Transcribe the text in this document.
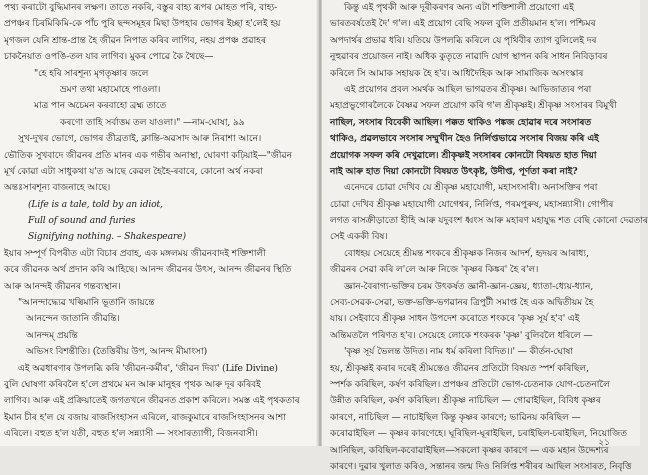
পথ্য কৰাটো বুদ্ধিমানৰ লক্ষণ। তাতে নকৰি, বস্তুৰ বাহ্য ৰূপৰ মোহত পৰি, বাহ্য-
প্ৰপঞ্চৰ চিৰমিকিমি-কে পাঁচ পুৰি ছন্দসমূহৰ মিছা উপহাৰ ভোগৰ ইচ্ছা হ'লেই হয়
মৃগজল যেনি শ্ৰান্ত-প্ৰান্ত হৈ জীৱন নিপাত কৰিব লাগিব, নহয় প্ৰপঞ্চ প্ৰৱাহৰ
চাকনৈয়াত ওপঙি-তল যাব লাগিব। মুকৰ পোৱে কৈ থৈছে—
"হে হৰি সাৰশূন্য মৃগতৃষ্ণাৰ জলে
ভ্ৰমণ তথা মহামোহে পাওলা।
মাত্ৰ পান অচেমন কৰবাহো ব্ৰহ্ম তাতে
কৰণো তাহি সৰ্বাত্তম তল যাওলা।" —নাম-ঘোষা, ৯৯
সুখ-দুখৰ ভোগে, ভোগৰ তীব্ৰতাই, ক্লান্তি-অৱসাদ আৰু নিৰাশা আনে।
ভৌতিক সুখবাদে জীৱনৰ প্ৰতি মানৰ এক গভীৰ অনাস্থা, ঘোৰণা কঢ়িয়াই—"জীৱন
মূৰ্খ কোৱা এটা সাধুকথা য'ত আছে কেৱল হৈহৈ-ৰবাৰে, কোনো অৰ্থ নকৰা
অন্তঃসাৰশূন্য বাজনাহে আছে।
(Life is a tale, told by an idiot,
Full of sound and furies
Signifying nothing. – Shakespeare)
ইয়াৰ সম্পূৰ্ণ বিপৰীত এটা বিচাৰ প্ৰবাহ, এক মঙ্গলময় জীৱনবাদই শক্তিশালী
কৰে জীৱনক অৰ্থ প্ৰদান কৰি আহিছে। আনন্দ জীৱনৰ উৎস, আনন্দ জীৱনৰ স্থিতি
আৰু আনন্দই জীৱনৰ গন্তব্যস্থান।
"আনন্দাদ্ধ্যেৱ খল্বিমানি ভূতানি জায়ন্তে
আনন্দেন জাতানি জীৱন্তি।
আনন্দম্ প্ৰয়ন্তি
অভিসং বিশন্তীতি। (তৈত্তিৰীয় উপ, আনন্দ মীমাংসা)
এই অৱধাৰণাৰ উপলব্ধি কৰি 'জীৱন-কৰ্মীৰ', 'জীৱন দিব্য' (Life Divine)
বুলি ঘোষণা কৰিবলৈ হ'লে প্ৰথমে মন আৰু মানুহৰ পৃথক আৰু দূৰ কৰিবই
লাগিব। আৰু এই প্ৰক্ৰিয়াতেই জগতখনে জীৱনত প্ৰকাশ কৰিলে। সমস্ত এই পৃথকতাৰ
ইমান চীৰ হ'ল যে বজায় ৰাজসিংহাসন এৰিলে, ৰাজকুমাৰে ৰাজসিংহাসনৰ আশা
এৰিলে। বহুত হ'ল যতী, বহুত হ'ল সন্ন্যাসী — সংসাৰত্যাগী, বিজনবাসী।
কিন্তু এই পৃথকী আৰু দূৰীকৰণৰ অন্য এটা শক্তিশালী প্ৰয়োগো এই
ভাৰতবৰ্ষতেই দৈ' গ'ল। এই প্ৰয়োগ বেছি সফল বুলি প্ৰতীয়মান হ'ল। পশ্চিমৰ
অপদাৰ্থৰ প্ৰভাৱ ধৰি। যতিয়ে উপলব্ধি কৰিলে যে পৃথিবীৰ ত্যাগ বুলিলেই দৰ
নুহুৱাবৰ প্ৰয়োজন নাই। অধিক কুতৃতে নাৱাদি যোগ স্থাপন কৰি সাধন নিবিড়াবৰ
কৰিলে সি আমাক সহায়ক হৈ হ'ব। আধিদৈহিক আৰু সামাজিক অসংস্কাৰ
এই প্ৰয়োগৰ প্ৰবল সমৰ্থক আছিল ভাগৱতৰ শ্ৰীকৃষ্ণ। আভিজাত্যৰ পৰা
মহাপ্ৰভুগোৰলৈকে বৈষ্ণৱ সফল প্ৰয়োগ কৰি গ'ল শ্ৰীকৃষ্ণই। শ্ৰীকৃষ্ণ সংসাৰৰ বিমুখী
নাছিল, সংসাৰ বিবেকী আছিল। পক্কত থাকিও পঙ্কজ হোৱাৰ দৰে সংসাৰত
থাকিও, প্ৰৱলভাবে সংসাৰ সম্মুখীন হৈও নিৰ্লিপ্তভাৱে সংসাৰ বিজয় কৰি এই
প্ৰয়োগক সফল কৰি দেখুৱালে। শ্ৰীকৃষ্ণই সংসাৰৰ কোনটো বিষয়ত হাত দিয়া
নাই আৰু হাত দিয়া কোনটো বিষয়ত উৎকৃষ্ট, উদীপ্ত, পূৰ্ণতা কৰা নাই?
এনেদৰে চোৱা দেখিব যে শ্ৰীকৃষ্ণ মহাযোগী, মহাসংসাৰী। অনাসক্তিৰ পৰা
চোৱা দেখিব শ্ৰীকৃষ্ণ মহাযোগী যোগেশ্বৰ, নিৰ্লিপ্ত, পৰমপুৰুষ, মহাসন্ন্যাসী। গোপীৰ
লগত ৰাসক্ৰীড়াতো হীহি আৰু যদুবংশ ধ্বংস আৰু মহাৰণ মহাযুদ্ধ শত বেছি কোনো দেৱতাৰ
সেই এককী বিষ।
বোধহয় সেয়েহে শ্ৰীমন্ত শংকৰে শ্ৰীকৃষ্ণক নিজৰ আদৰ্শ, হৃদয়ৰ আৰাধ্য,
জীৱনৰ সেৱা কৰি ল'লে আৰু নিজে 'কৃষ্ণৰ কিঙ্কৰ' হৈ ৰ'ল।
জ্ঞান-বৈৰাগ্য-ভক্তিৰ চৰম উৎকৰ্ষত জ্ঞানী-জ্ঞান-জ্ঞেয়, ধ্যাতা-ধ্যেয়-ধ্যান,
সেব্য-সেৱক-সেৱা, ভক্ত-ভক্তি-ভগৱানৰ ত্ৰিপুটী সমাপ্ত হৈ এক অদ্বিতীয়ম হৈ
যায়। সেইবাবে শ্ৰীকৃষ্ণ সাধন উপদেশ কৰোতে শংকৰে 'কৃষ্ণ সূৰ্য হ'ব' এই
অন্তিমতলৈ পৰিণত হ'ব। সেয়েহে লোকে শংকৰক 'কৃষ্ণ' বুলিবলৈ ধৰিলে —
'কৃষ্ণ সূৰ্য ভৈলন্ত উদিত। নাম ধৰ্ম কৰিলা বিদিত।।' — কীৰ্তন-ঘোষা
হয়, শ্ৰীকৃষ্ণই কৰাৰ দৰেই শ্ৰীমন্তেও জীৱনৰ প্ৰতিটো বিষয়ত স্পৰ্শ কৰিছিল,
স্পৰ্শক কৰিছিল, কৰ্ষণ কৰিছিল। প্ৰপঞ্চৰ প্ৰতিটো ভোগ-চেতনাক যোগ-চেতনালৈ
উন্নীত কৰিছিল, কৰ্ষণ কৰিছিল। শ্ৰীকৃষ্ণ নাচিছিল — গোৱাইছিল, বিবিধ কৃষ্ণৰ
কাৰণে, নাচিছিল — নাচাইছিল কিন্তু কৃষ্ণৰ কাৰণে; ভাৱিনয় কৰিছিল —
কৰোৱাইছিল — কৃষ্ণৰ কাৰণেহে। ঘূৰিছিল-ঘূৰাইছিল, চৰাইছিল-চৰাইছিল, নিয়োজিত
আনিছিল, কবিছিল-কবোৱাইছিল—সকলো কৃষ্ণৰ কাৰণে — এক মহান উদ্দেশ্যৰ
কাৰণে। দুৱাৰ খুলাত কৰিও, সন্তানৰ জন্ম দিও নিৰ্লিপ্ত শৰীৰৰ আছিল সংসাৰত, নিবৃত্তি
২১
